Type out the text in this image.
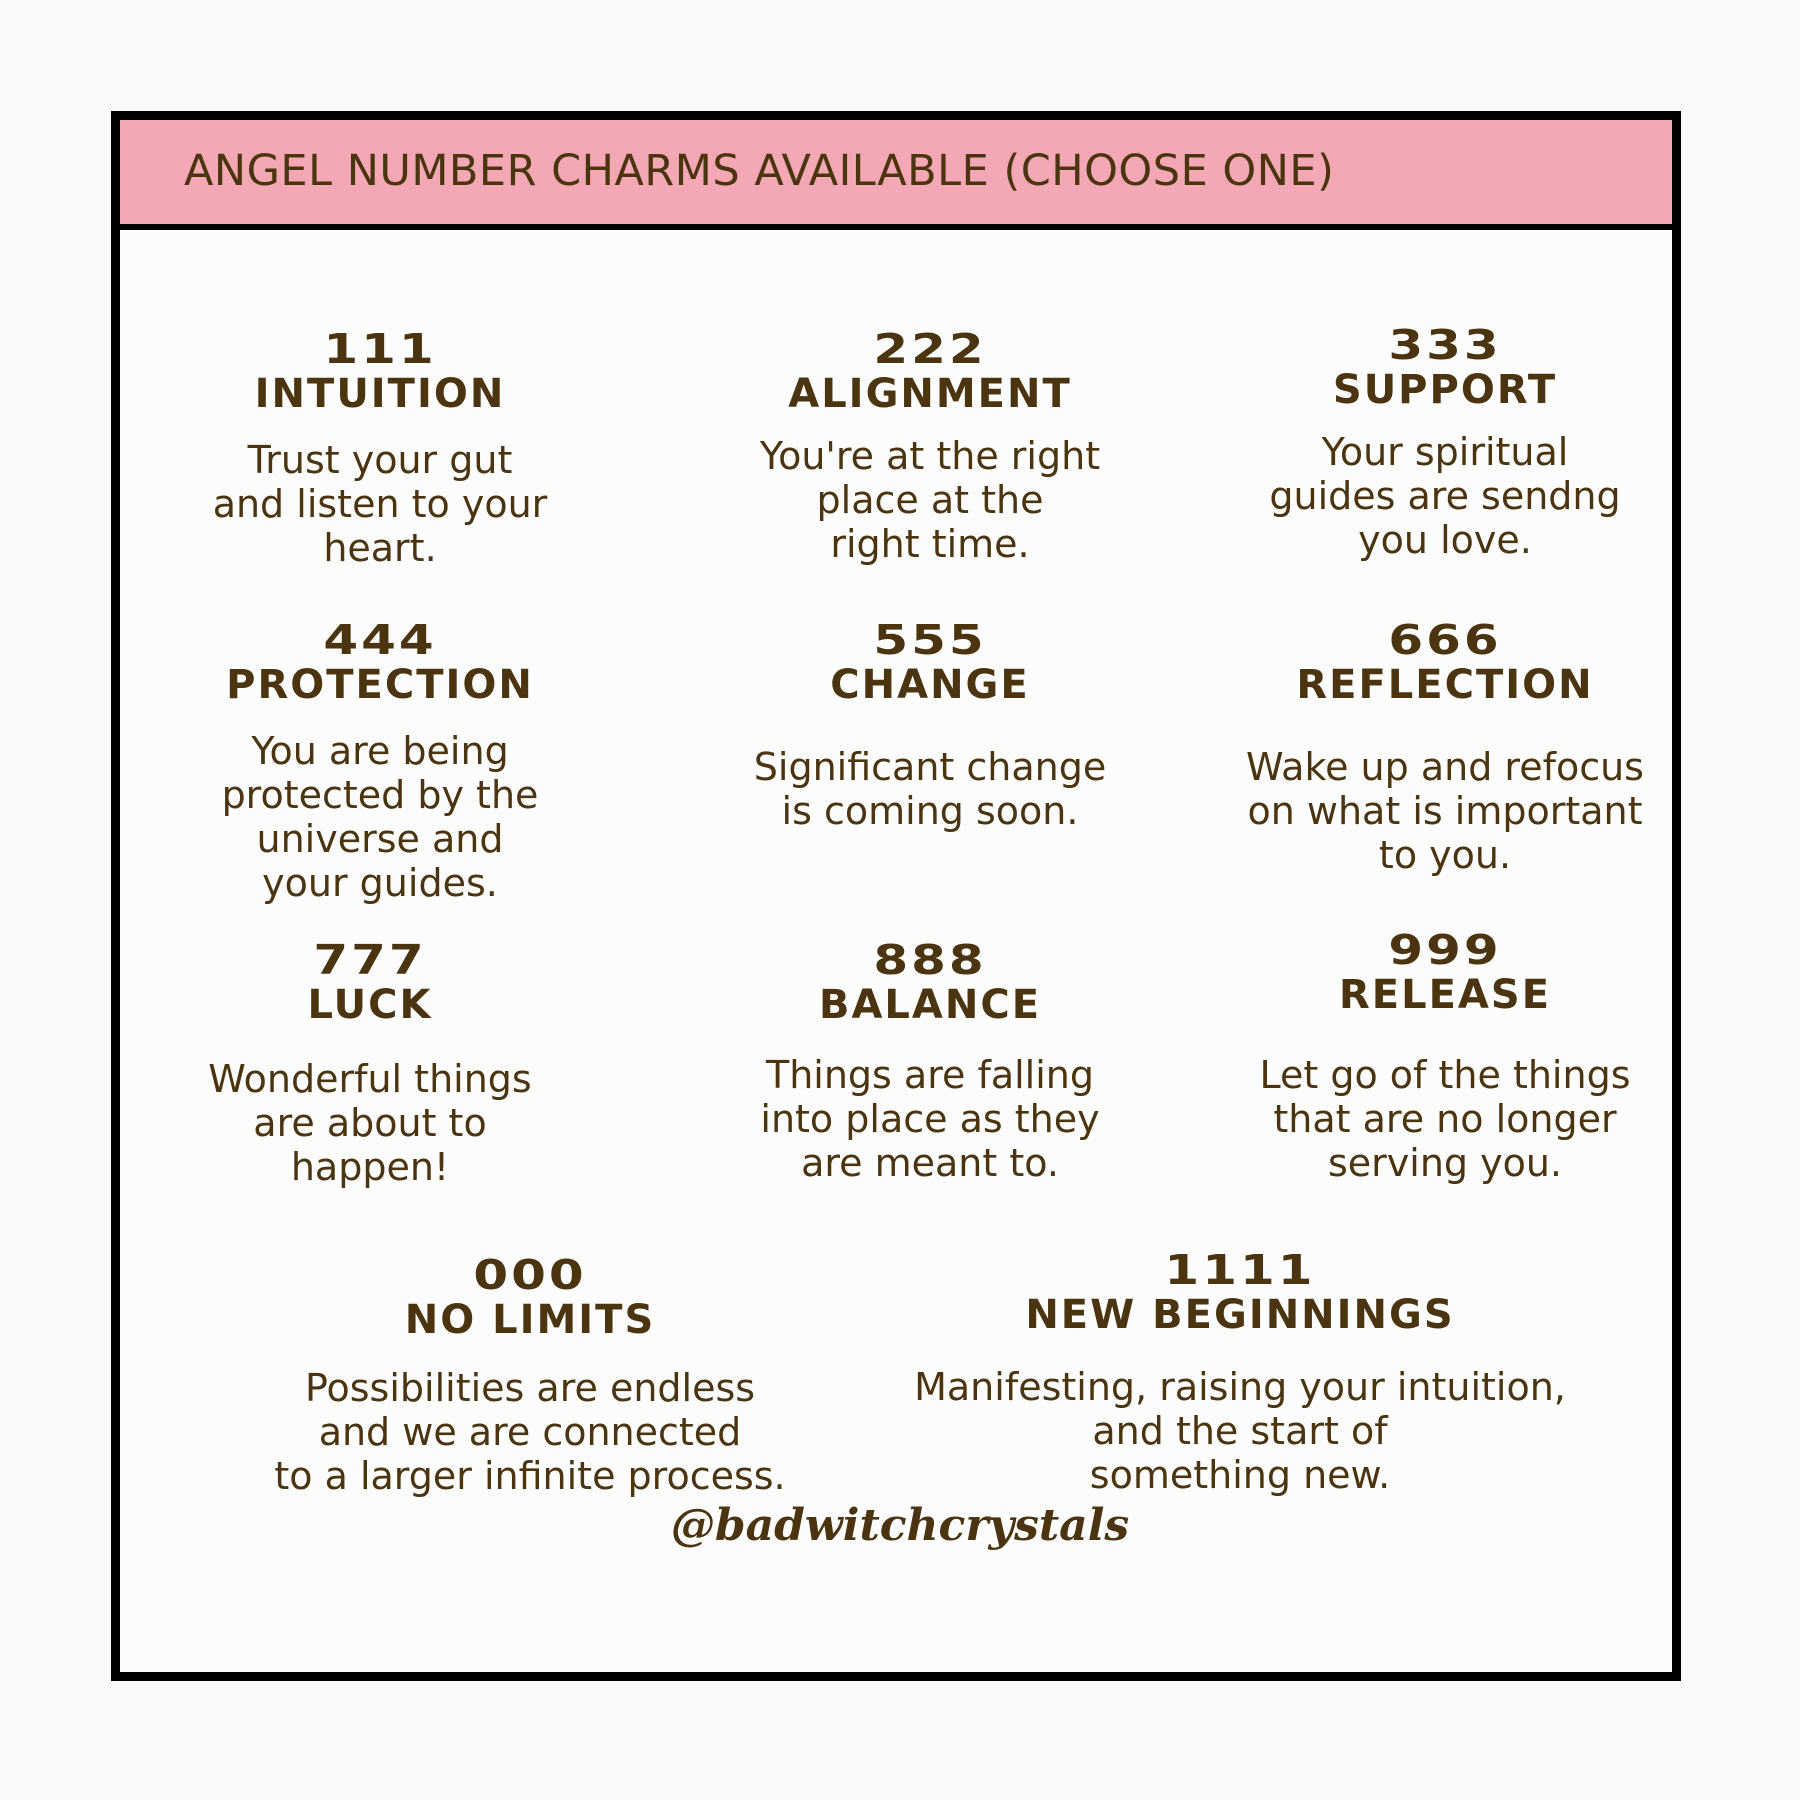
ANGEL NUMBER CHARMS AVAILABLE (CHOOSE ONE)
111
INTUITION
Trust your gut
and listen to your
heart.
222
ALIGNMENT
You're at the right
place at the
right time.
333
SUPPORT
Your spiritual
guides are sendng
you love.
444
PROTECTION
You are being
protected by the
universe and
your guides.
555
CHANGE
Significant change
is coming soon.
666
REFLECTION
Wake up and refocus
on what is important
to you.
777
LUCK
Wonderful things
are about to
happen!
888
BALANCE
Things are falling
into place as they
are meant to.
999
RELEASE
Let go of the things
that are no longer
serving you.
000
NO LIMITS
Possibilities are endless
and we are connected
to a larger infinite process.
1111
NEW BEGINNINGS
Manifesting, raising your intuition,
and the start of
something new.
@badwitchcrystals
